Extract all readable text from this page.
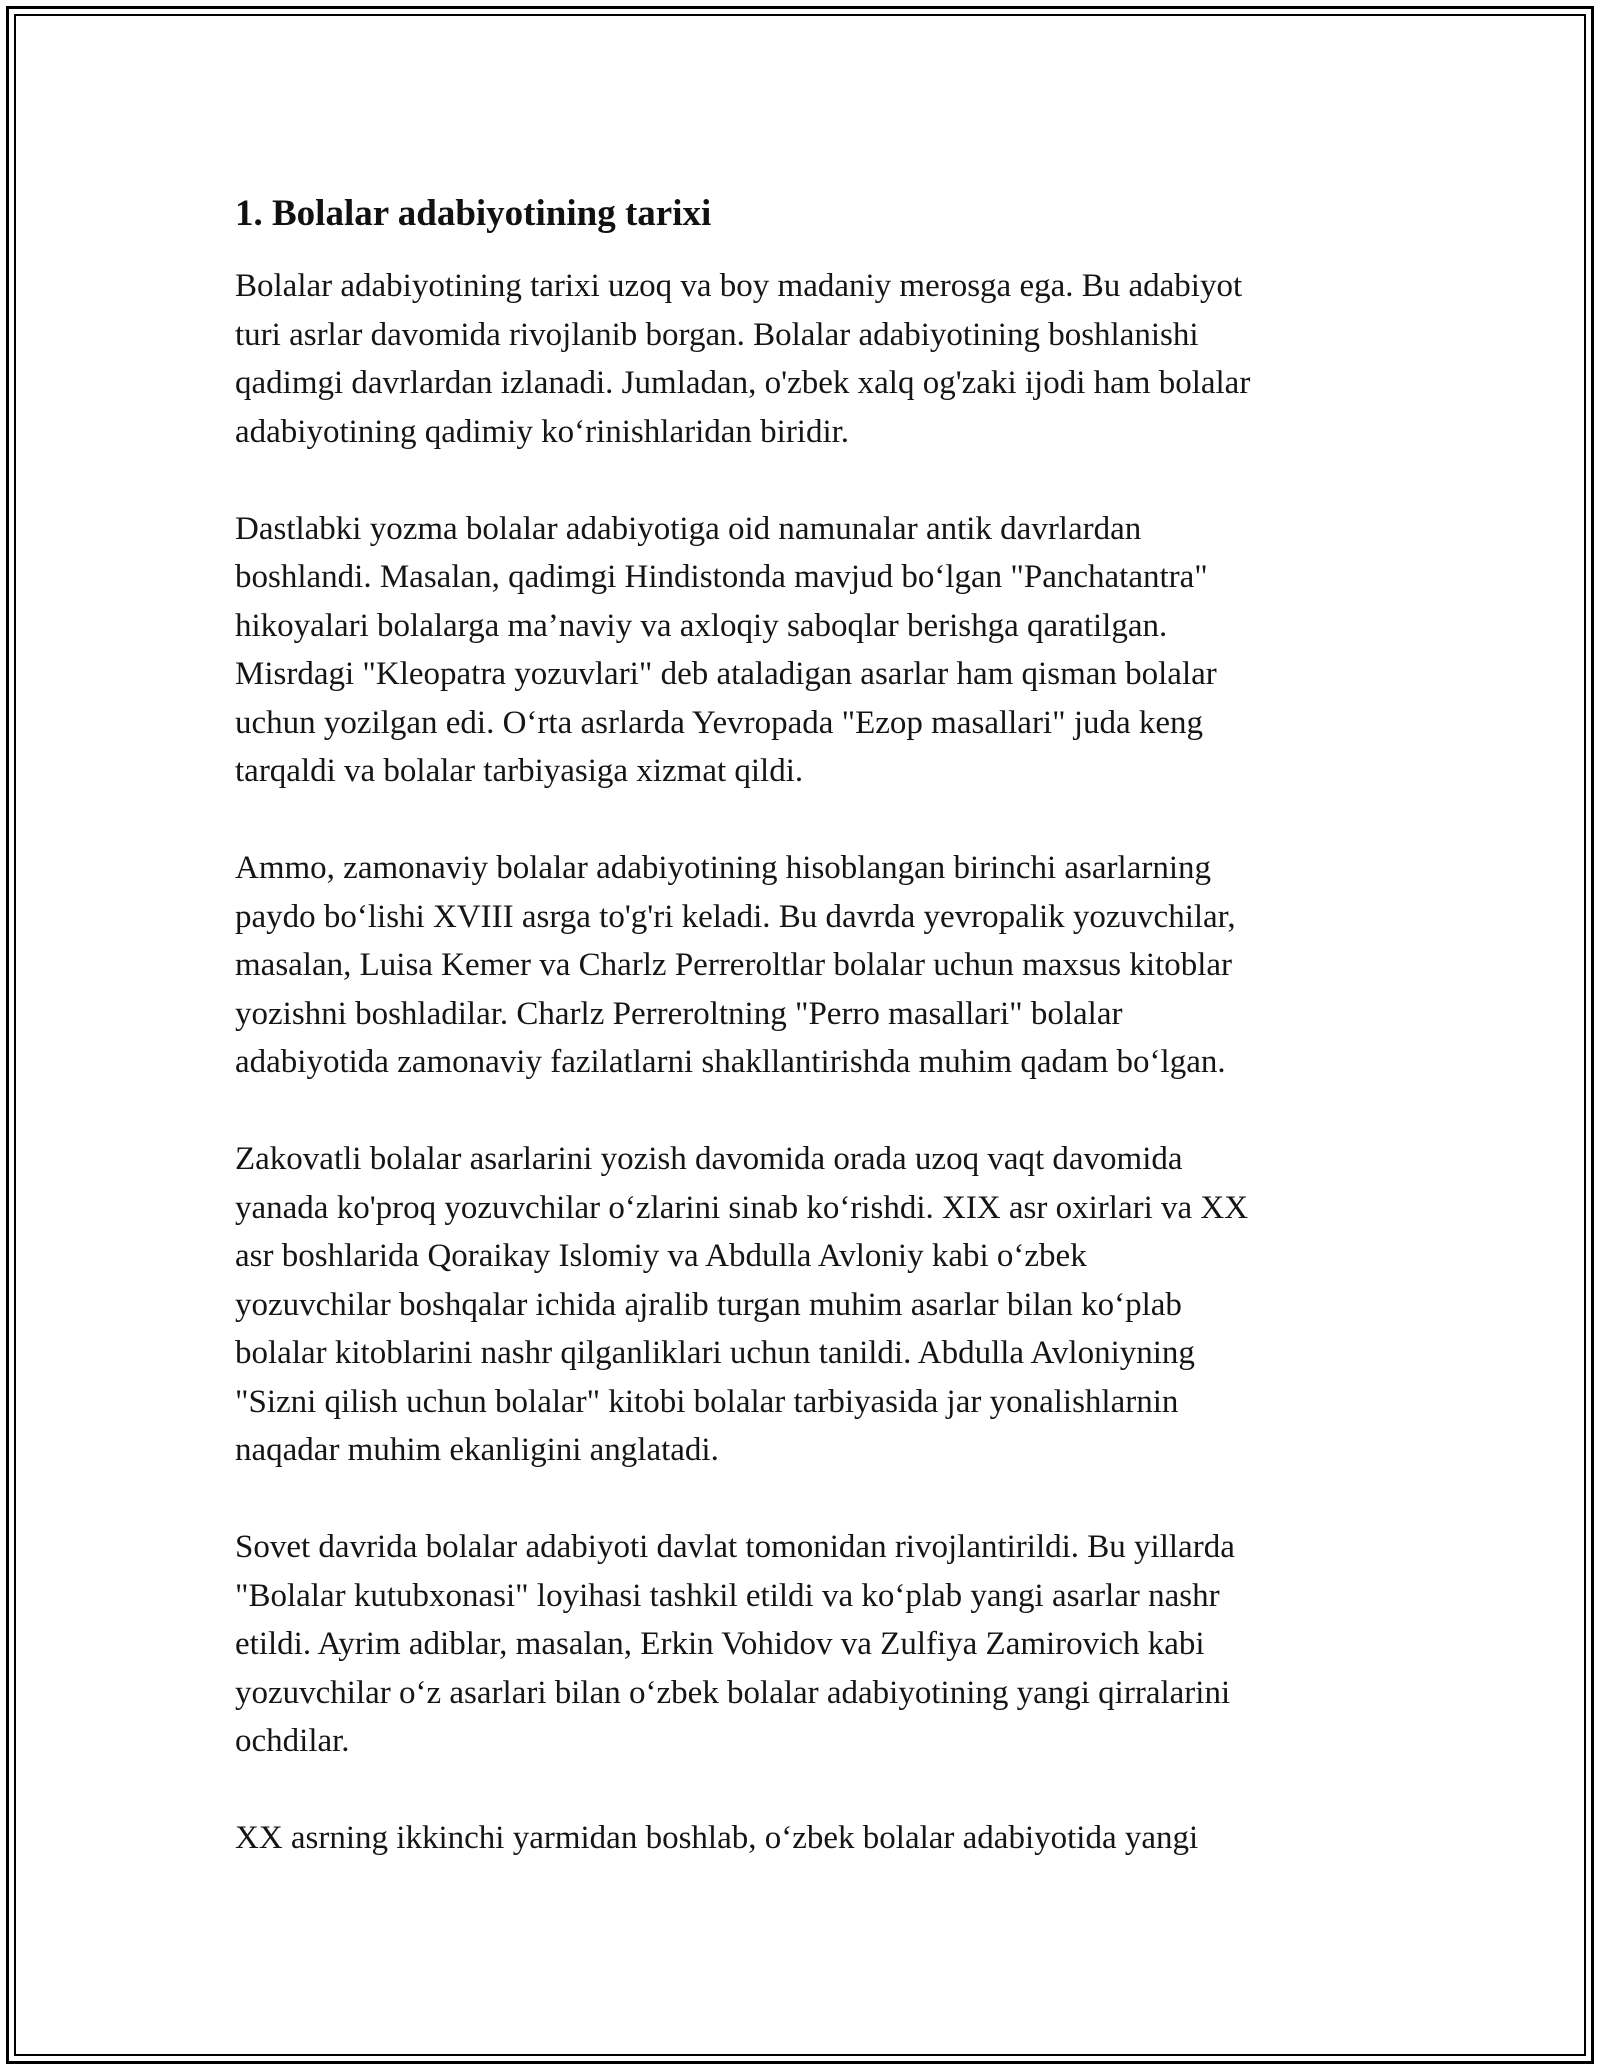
1. Bolalar adabiyotining tarixi

Bolalar adabiyotining tarixi uzoq va boy madaniy merosga ega. Bu adabiyot
turi asrlar davomida rivojlanib borgan. Bolalar adabiyotining boshlanishi
qadimgi davrlardan izlanadi. Jumladan, o'zbek xalq og'zaki ijodi ham bolalar
adabiyotining qadimiy ko‘rinishlaridan biridir.

Dastlabki yozma bolalar adabiyotiga oid namunalar antik davrlardan
boshlandi. Masalan, qadimgi Hindistonda mavjud bo‘lgan "Panchatantra"
hikoyalari bolalarga ma’naviy va axloqiy saboqlar berishga qaratilgan.
Misrdagi "Kleopatra yozuvlari" deb ataladigan asarlar ham qisman bolalar
uchun yozilgan edi. O‘rta asrlarda Yevropada "Ezop masallari" juda keng
tarqaldi va bolalar tarbiyasiga xizmat qildi.

Ammo, zamonaviy bolalar adabiyotining hisoblangan birinchi asarlarning
paydo bo‘lishi XVIII asrga to'g'ri keladi. Bu davrda yevropalik yozuvchilar,
masalan, Luisa Kemer va Charlz Perreroltlar bolalar uchun maxsus kitoblar
yozishni boshladilar. Charlz Perreroltning "Perro masallari" bolalar
adabiyotida zamonaviy fazilatlarni shakllantirishda muhim qadam bo‘lgan.

Zakovatli bolalar asarlarini yozish davomida orada uzoq vaqt davomida
yanada ko'proq yozuvchilar o‘zlarini sinab ko‘rishdi. XIX asr oxirlari va XX
asr boshlarida Qoraikay Islomiy va Abdulla Avloniy kabi o‘zbek
yozuvchilar boshqalar ichida ajralib turgan muhim asarlar bilan ko‘plab
bolalar kitoblarini nashr qilganliklari uchun tanildi. Abdulla Avloniyning
"Sizni qilish uchun bolalar" kitobi bolalar tarbiyasida jar yonalishlarnin
naqadar muhim ekanligini anglatadi.

Sovet davrida bolalar adabiyoti davlat tomonidan rivojlantirildi. Bu yillarda
"Bolalar kutubxonasi" loyihasi tashkil etildi va ko‘plab yangi asarlar nashr
etildi. Ayrim adiblar, masalan, Erkin Vohidov va Zulfiya Zamirovich kabi
yozuvchilar o‘z asarlari bilan o‘zbek bolalar adabiyotining yangi qirralarini
ochdilar.

XX asrning ikkinchi yarmidan boshlab, o‘zbek bolalar adabiyotida yangi
